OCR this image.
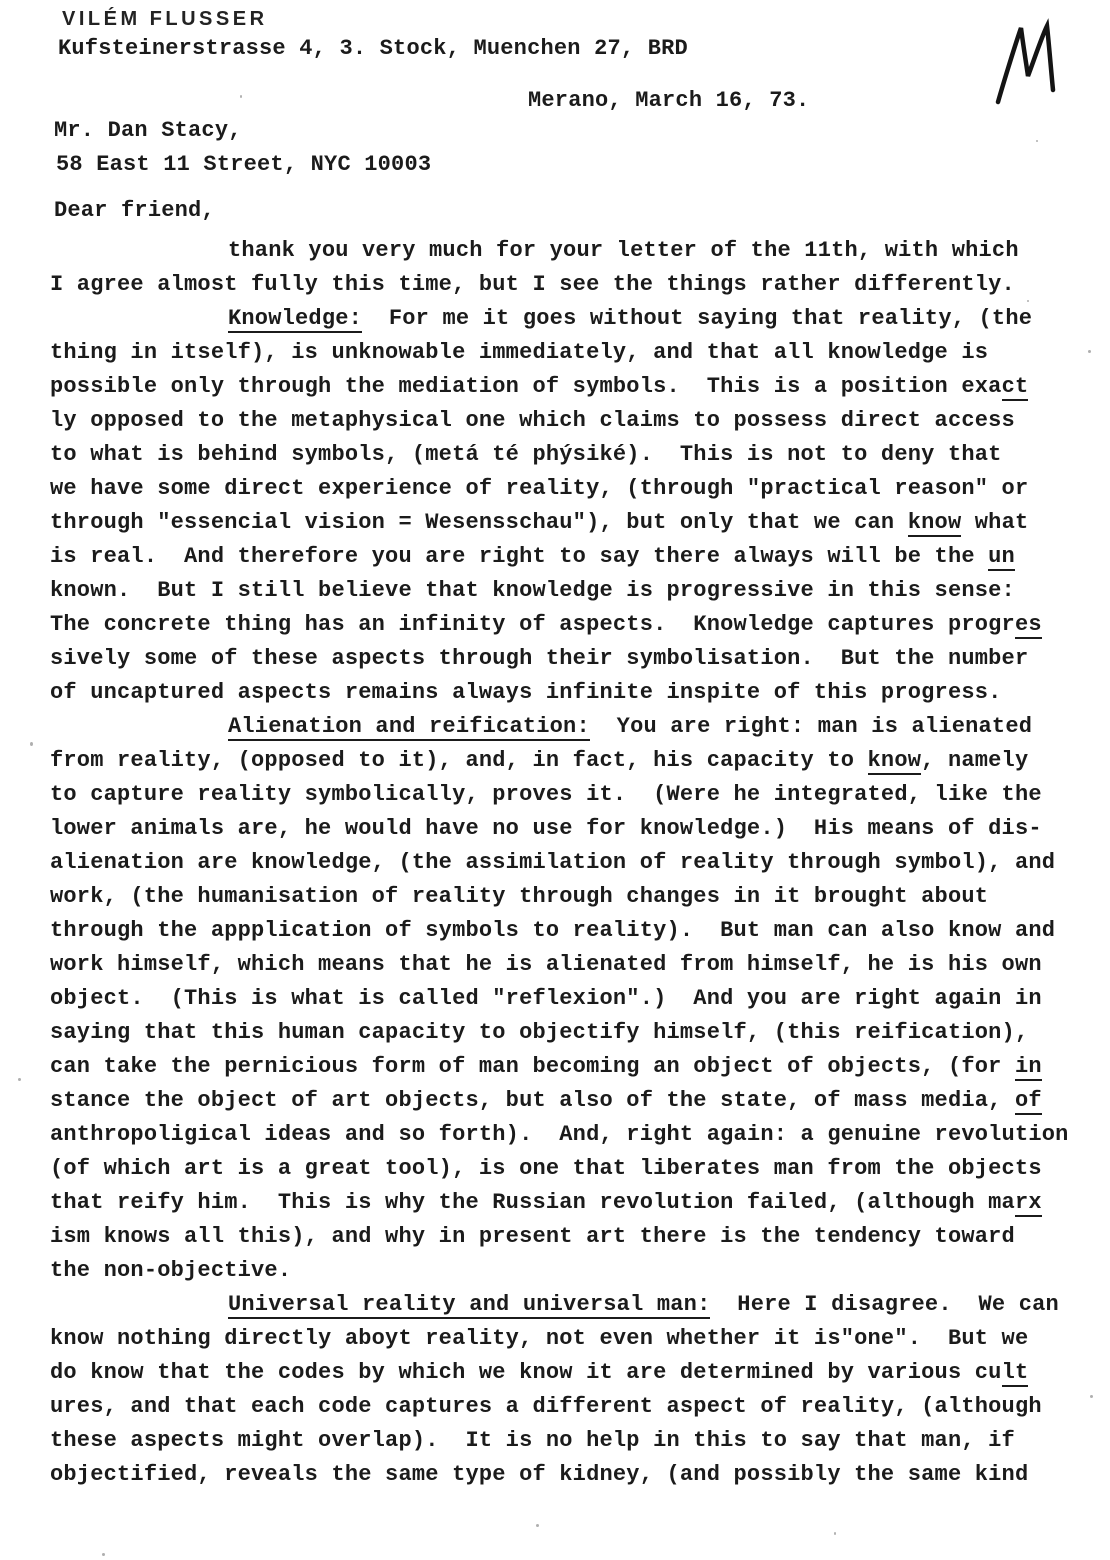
VILÉM FLUSSER
Kufsteinerstrasse 4, 3. Stock, Muenchen 27, BRD
Merano, March 16, 73.
Mr. Dan Stacy,
58 East 11 Street, NYC 10003
Dear friend,
thank you very much for your letter of the 11th, with which
I agree almost fully this time, but I see the things rather differently.
Knowledge:  For me it goes without saying that reality, (the
thing in itself), is unknowable immediately, and that all knowledge is
possible only through the mediation of symbols.  This is a position exact
ly opposed to the metaphysical one which claims to possess direct access
to what is behind symbols, (metá té phýsiké).  This is not to deny that
we have some direct experience of reality, (through "practical reason" or
through "essencial vision = Wesensschau"), but only that we can know what
is real.  And therefore you are right to say there always will be the un
known.  But I still believe that knowledge is progressive in this sense:
The concrete thing has an infinity of aspects.  Knowledge captures progres
sively some of these aspects through their symbolisation.  But the number
of uncaptured aspects remains always infinite inspite of this progress.
Alienation and reification:  You are right: man is alienated
from reality, (opposed to it), and, in fact, his capacity to know, namely
to capture reality symbolically, proves it.  (Were he integrated, like the
lower animals are, he would have no use for knowledge.)  His means of dis-
alienation are knowledge, (the assimilation of reality through symbol), and
work, (the humanisation of reality through changes in it brought about
through the appplication of symbols to reality).  But man can also know and
work himself, which means that he is alienated from himself, he is his own
object.  (This is what is called "reflexion".)  And you are right again in
saying that this human capacity to objectify himself, (this reification),
can take the pernicious form of man becoming an object of objects, (for in
stance the object of art objects, but also of the state, of mass media, of
anthropoligical ideas and so forth).  And, right again: a genuine revolution
(of which art is a great tool), is one that liberates man from the objects
that reify him.  This is why the Russian revolution failed, (although marx
ism knows all this), and why in present art there is the tendency toward
the non-objective.
Universal reality and universal man:  Here I disagree.  We can
know nothing directly aboyt reality, not even whether it is"one".  But we
do know that the codes by which we know it are determined by various cult
ures, and that each code captures a different aspect of reality, (although
these aspects might overlap).  It is no help in this to say that man, if
objectified, reveals the same type of kidney, (and possibly the same kind
